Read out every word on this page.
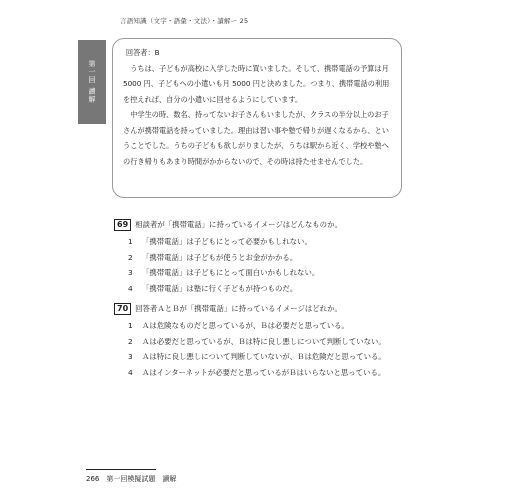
言語知識（文字・語彙・文法）・讀解ー 25
第一回 讀解

回答者：B

うちは、子どもが高校に入学した時に買いました。そして、携帯電話の予算は月 5000 円、子どもへの小遣いも月 5000 円と決めました。つまり、携帯電話の利用を控えれば、自分の小遣いに回せるようにしています。

中学生の時、数名、持ってないお子さんもいましたが、クラスの半分以上のお子さんが携帯電話を持っていました。理由は習い事や塾で帰りが遅くなるから、ということでした。うちの子どもも欲しがりましたが、うちは駅から近く、学校や塾への行き帰りもあまり時間がかからないので、その時は持たせませんでした。

69 相談者が「携帯電話」に持っているイメージはどんなものか。
1 「携帯電話」は子どもにとって必要かもしれない。
2 「携帯電話」は子どもが使うとお金がかかる。
3 「携帯電話」は子どもにとって面白いかもしれない。
4 「携帯電話」は塾に行く子どもが持つものだ。
70 回答者ＡとＢが「携帯電話」に持っているイメージはどれか。
1 Ａは危険なものだと思っているが、Ｂは必要だと思っている。
2 Ａは必要だと思っているが、Ｂは特に良し悪しについて判断していない。
3 Ａは特に良し悪しについて判断していないが、Ｂは危険だと思っている。
4 Ａはインターネットが必要だと思っているがＢはいらないと思っている。
266　第一回模擬試題　讀解
